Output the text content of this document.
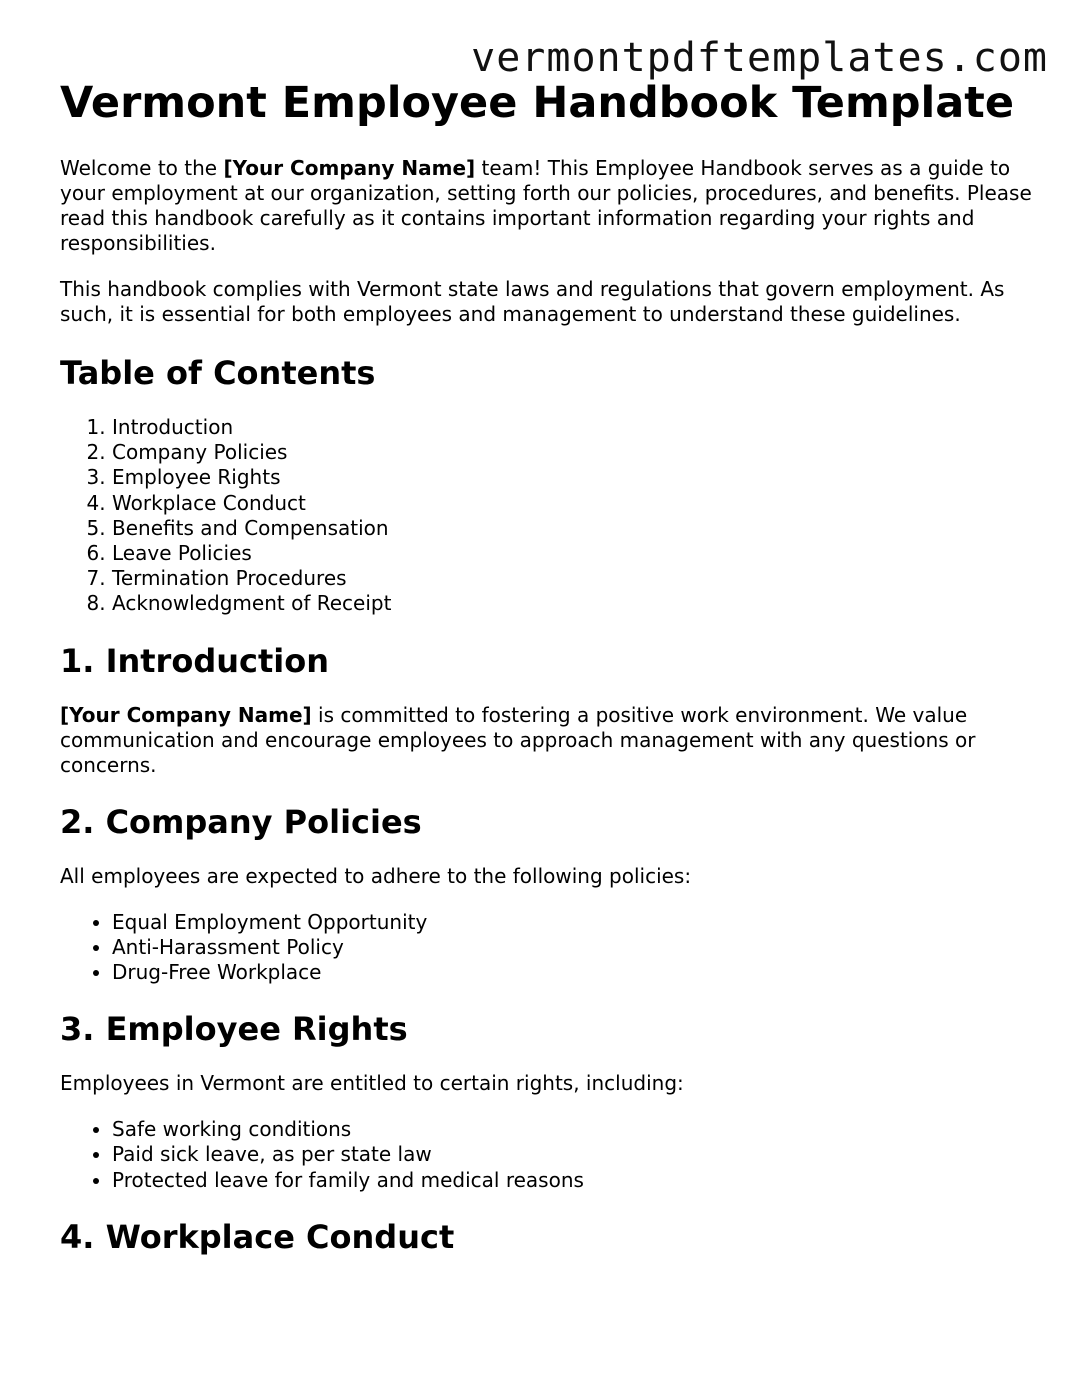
vermontpdftemplates.com
Vermont Employee Handbook Template

Welcome to the [Your Company Name] team! This Employee Handbook serves as a guide to your employment at our organization, setting forth our policies, procedures, and benefits. Please read this handbook carefully as it contains important information regarding your rights and responsibilities.

This handbook complies with Vermont state laws and regulations that govern employment. As such, it is essential for both employees and management to understand these guidelines.

Table of Contents
1. Introduction
2. Company Policies
3. Employee Rights
4. Workplace Conduct
5. Benefits and Compensation
6. Leave Policies
7. Termination Procedures
8. Acknowledgment of Receipt
1. Introduction

[Your Company Name] is committed to fostering a positive work environment. We value communication and encourage employees to approach management with any questions or concerns.

2. Company Policies

All employees are expected to adhere to the following policies:

• Equal Employment Opportunity
• Anti-Harassment Policy
• Drug-Free Workplace
3. Employee Rights

Employees in Vermont are entitled to certain rights, including:

• Safe working conditions
• Paid sick leave, as per state law
• Protected leave for family and medical reasons
4. Workplace Conduct
